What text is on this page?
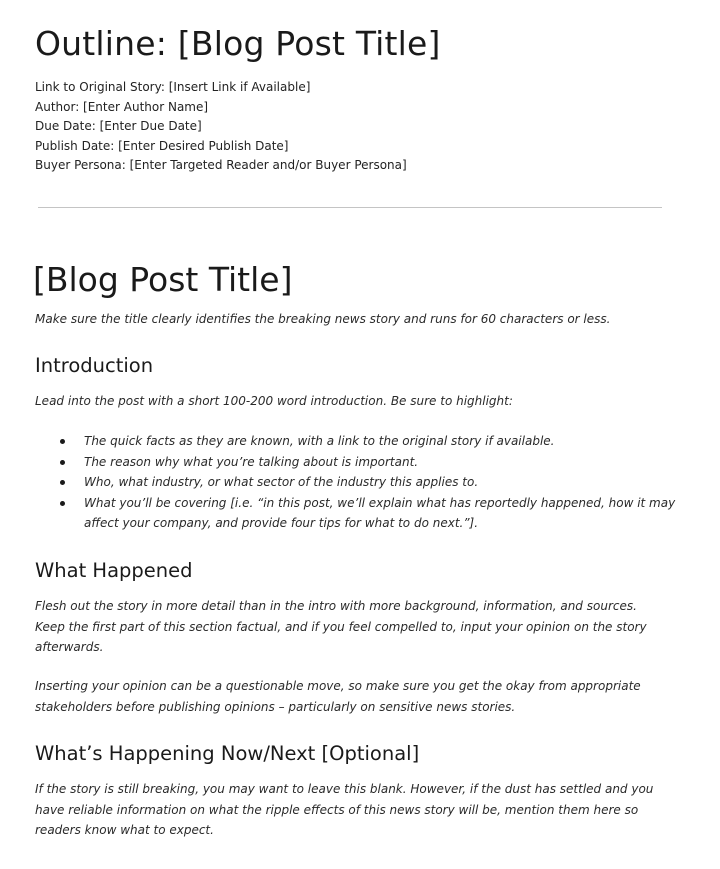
Outline: [Blog Post Title]
Link to Original Story: [Insert Link if Available]
Author: [Enter Author Name]
Due Date: [Enter Due Date]
Publish Date: [Enter Desired Publish Date]
Buyer Persona: [Enter Targeted Reader and/or Buyer Persona]
[Blog Post Title]
Make sure the title clearly identifies the breaking news story and runs for 60 characters or less.
Introduction
Lead into the post with a short 100-200 word introduction. Be sure to highlight:
The quick facts as they are known, with a link to the original story if available.
The reason why what you’re talking about is important.
Who, what industry, or what sector of the industry this applies to.
What you’ll be covering [i.e. “in this post, we’ll explain what has reportedly happened, how it may affect your company, and provide four tips for what to do next.”].
What Happened
Flesh out the story in more detail than in the intro with more background, information, and sources. Keep the first part of this section factual, and if you feel compelled to, input your opinion on the story afterwards.
Inserting your opinion can be a questionable move, so make sure you get the okay from appropriate stakeholders before publishing opinions – particularly on sensitive news stories.
What’s Happening Now/Next [Optional]
If the story is still breaking, you may want to leave this blank. However, if the dust has settled and you have reliable information on what the ripple effects of this news story will be, mention them here so readers know what to expect.
